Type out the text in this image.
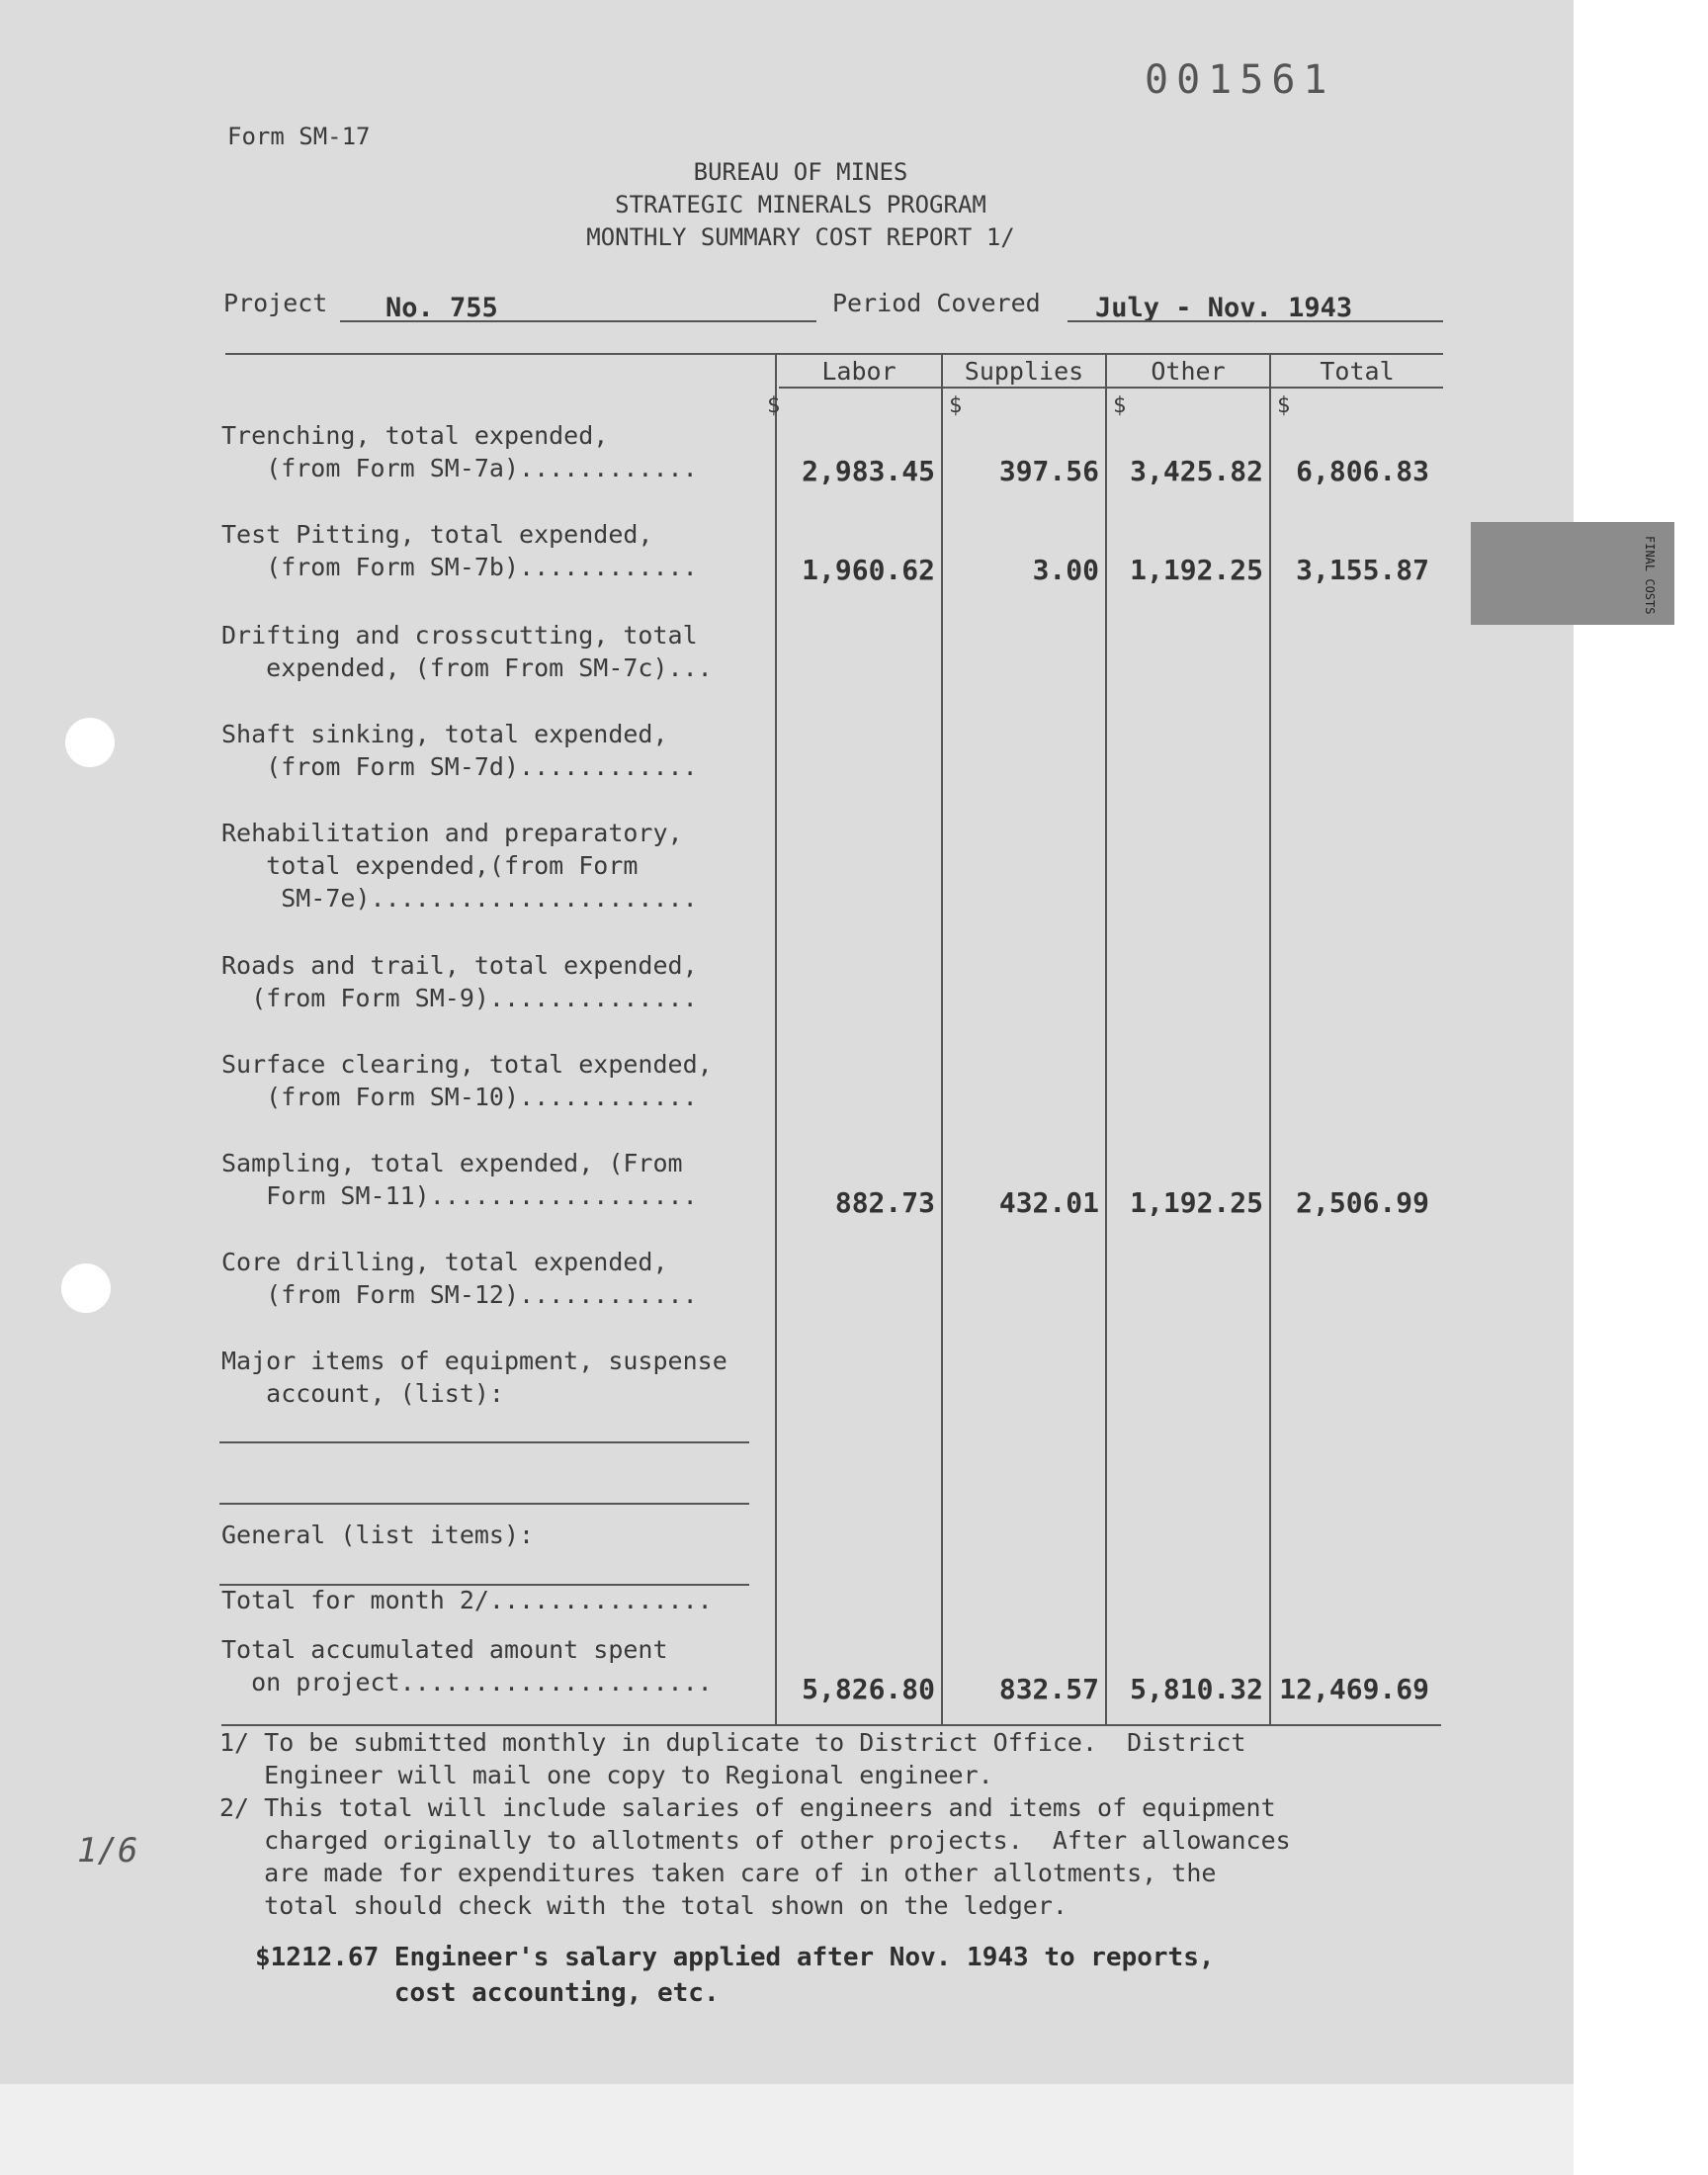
FINAL COSTS
001561
Form SM-17
BUREAU OF MINES
STRATEGIC MINERALS PROGRAM
MONTHLY SUMMARY COST REPORT 1/
Project No. 755	Period Covered July - Nov. 1943
Labor	Supplies	Other	Total
$	$	$	$
Trenching, total expended,
(from Form SM-7a)............	2,983.45	397.56	3,425.82	6,806.83
Test Pitting, total expended,
(from Form SM-7b)............	1,960.62	3.00	1,192.25	3,155.87
Drifting and crosscutting, total
expended, (from From SM-7c)...
Shaft sinking, total expended,
(from Form SM-7d)............
Rehabilitation and preparatory,
total expended,(from Form
SM-7e)......................
Roads and trail, total expended,
(from Form SM-9)..............
Surface clearing, total expended,
(from Form SM-10)............
Sampling, total expended, (From
Form SM-11)..................	882.73	432.01	1,192.25	2,506.99
Core drilling, total expended,
(from Form SM-12)............
Major items of equipment, suspense
account, (list):
General (list items):
Total for month 2/...............
Total accumulated amount spent
on project.....................	5,826.80	832.57	5,810.32 12,469.69
1/ To be submitted monthly in duplicate to District Office.  District
Engineer will mail one copy to Regional engineer.
2/ This total will include salaries of engineers and items of equipment
charged originally to allotments of other projects.  After allowances
are made for expenditures taken care of in other allotments, the
total should check with the total shown on the ledger.
$1212.67 Engineer's salary applied after Nov. 1943 to reports,
cost accounting, etc.
1/6
